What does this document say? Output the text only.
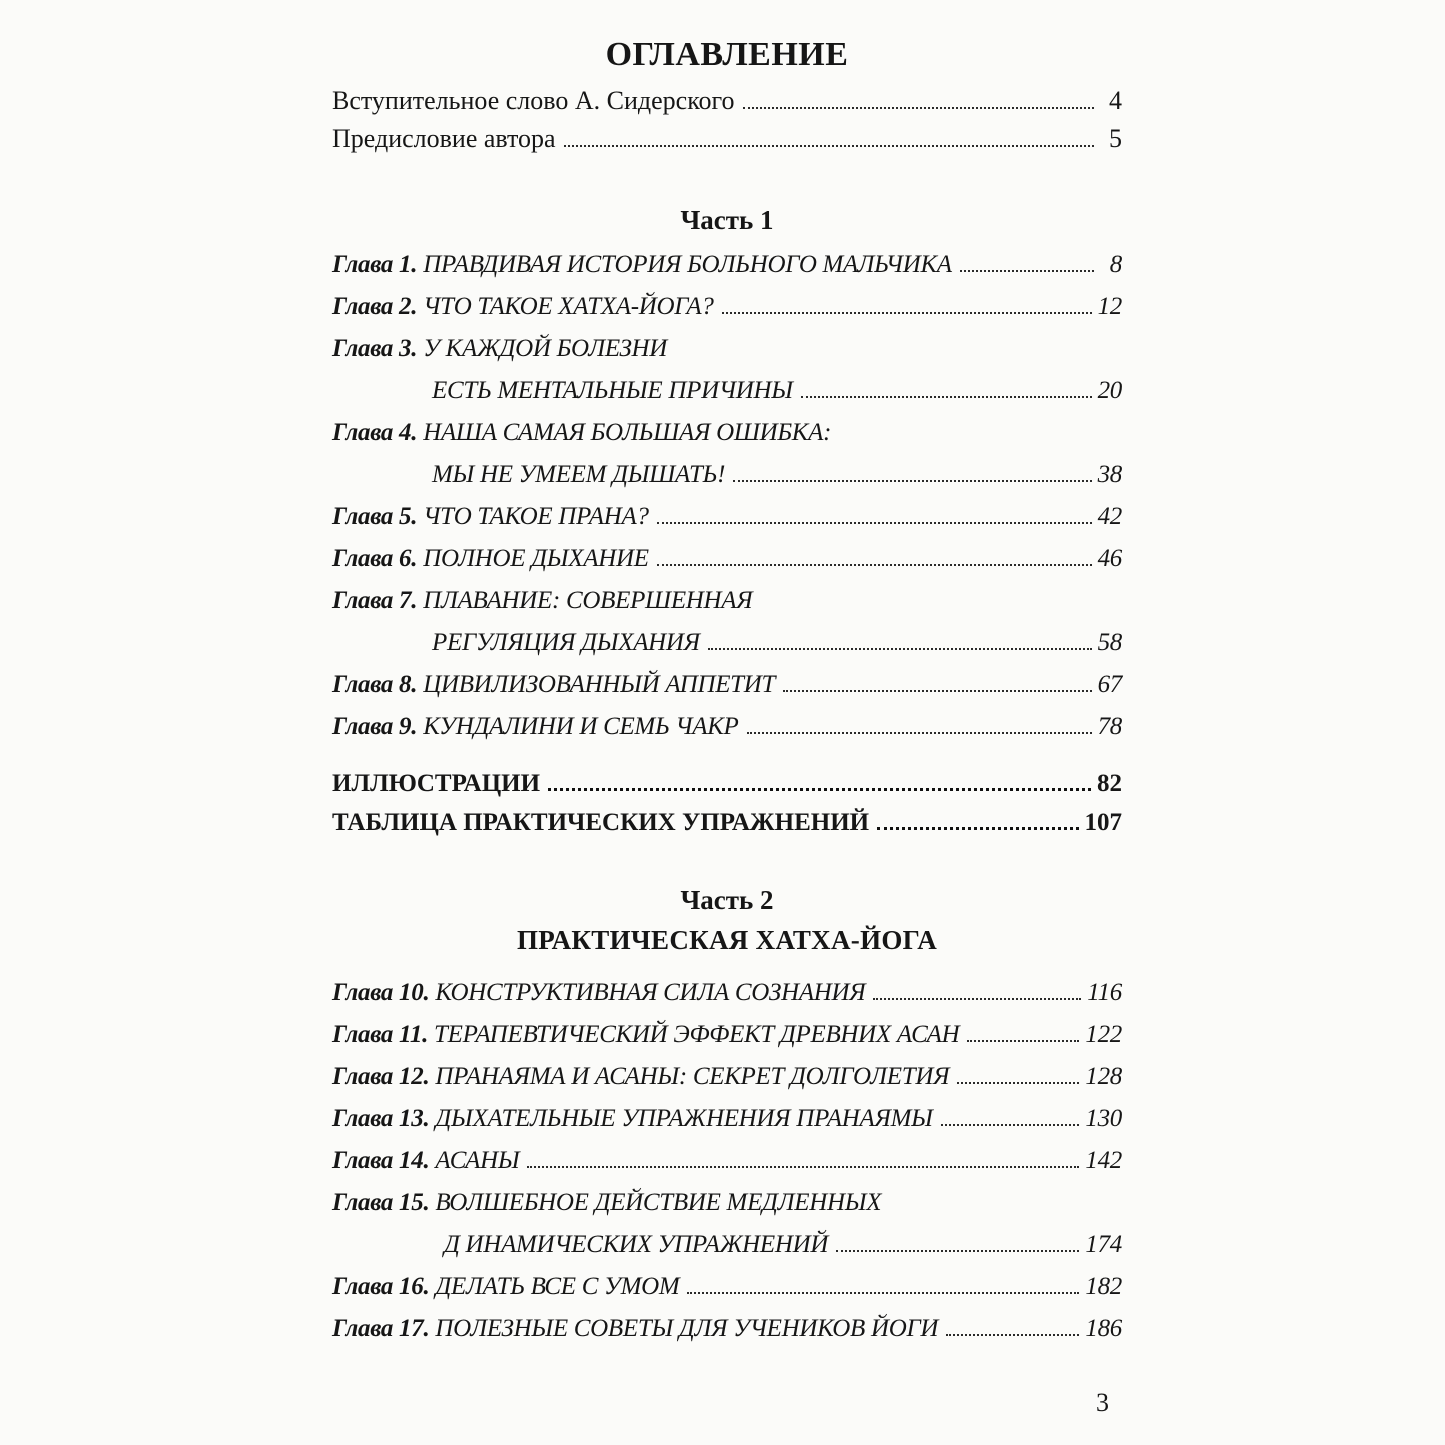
ОГЛАВЛЕНИЕ
Вступительное слово А. Сидерского	4
Предисловие автора	5
Часть 1
Глава 1. ПРАВДИВАЯ ИСТОРИЯ БОЛЬНОГО МАЛЬЧИКА	8
Глава 2. ЧТО ТАКОЕ ХАТХА-ЙОГА?	12
Глава 3. У КАЖДОЙ БОЛЕЗНИ
ЕСТЬ МЕНТАЛЬНЫЕ ПРИЧИНЫ	20
Глава 4. НАША САМАЯ БОЛЬШАЯ ОШИБКА:
МЫ НЕ УМЕЕМ ДЫШАТЬ!	38
Глава 5. ЧТО ТАКОЕ ПРАНА?	42
Глава 6. ПОЛНОЕ ДЫХАНИЕ	46
Глава 7. ПЛАВАНИЕ: СОВЕРШЕННАЯ
РЕГУЛЯЦИЯ ДЫХАНИЯ	58
Глава 8. ЦИВИЛИЗОВАННЫЙ АППЕТИТ	67
Глава 9. КУНДАЛИНИ И СЕМЬ ЧАКР	78
ИЛЛЮСТРАЦИИ	82
ТАБЛИЦА ПРАКТИЧЕСКИХ УПРАЖНЕНИЙ	107
Часть 2
ПРАКТИЧЕСКАЯ ХАТХА-ЙОГА
Глава 10. КОНСТРУКТИВНАЯ СИЛА СОЗНАНИЯ	116
Глава 11. ТЕРАПЕВТИЧЕСКИЙ ЭФФЕКТ ДРЕВНИХ АСАН	122
Глава 12. ПРАНАЯМА И АСАНЫ: СЕКРЕТ ДОЛГОЛЕТИЯ	128
Глава 13. ДЫХАТЕЛЬНЫЕ УПРАЖНЕНИЯ ПРАНАЯМЫ	130
Глава 14. АСАНЫ	142
Глава 15. ВОЛШЕБНОЕ ДЕЙСТВИЕ МЕДЛЕННЫХ
Д ИНАМИЧЕСКИХ УПРАЖНЕНИЙ	174
Глава 16. ДЕЛАТЬ ВСЕ С УМОМ	182
Глава 17. ПОЛЕЗНЫЕ СОВЕТЫ ДЛЯ УЧЕНИКОВ ЙОГИ	186
3
